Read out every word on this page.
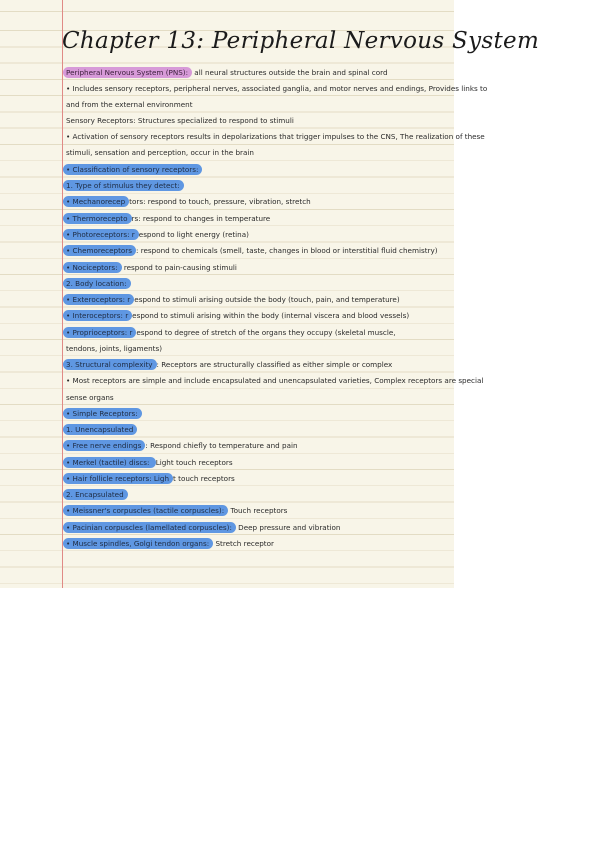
Chapter 13: Peripheral Nervous System
Peripheral Nervous System (PNS): all neural structures outside the brain and spinal cord
• Includes sensory receptors, peripheral nerves, associated ganglia, and motor nerves and endings, Provides links to
and from the external environment
Sensory Receptors: Structures specialized to respond to stimuli
• Activation of sensory receptors results in depolarizations that trigger impulses to the CNS, The realization of these
stimuli, sensation and perception, occur in the brain
• Classification of sensory receptors:
1. Type of stimulus they detect:
• Mechanorecep tors: respond to touch, pressure, vibration, stretch
• Thermorecepto rs: respond to changes in temperature
• Photoreceptors: r espond to light energy (retina)
• Chemoreceptors : respond to chemicals (smell, taste, changes in blood or interstitial fluid chemistry)
• Nociceptors: respond to pain-causing stimuli
2. Body location:
• Exteroceptors: r espond to stimuli arising outside the body (touch, pain, and temperature)
• Interoceptors: r espond to stimuli arising within the body (internal viscera and blood vessels)
• Proprioceptors: r espond to degree of stretch of the organs they occupy (skeletal muscle,
tendons, joints, ligaments)
3. Structural complexity : Receptors are structurally classified as either simple or complex
• Most receptors are simple and include encapsulated and unencapsulated varieties, Complex receptors are special
sense organs
• Simple Receptors:
1. Unencapsulated
• Free nerve endings : Respond chiefly to temperature and pain
• Merkel (tactile) discs: Light touch receptors
• Hair follicle receptors: Ligh t touch receptors
2. Encapsulated
• Meissner's corpuscles (tactile corpuscles): Touch receptors
• Pacinian corpuscles (lamellated corpuscles): Deep pressure and vibration
• Muscle spindles, Golgi tendon organs: Stretch receptor
